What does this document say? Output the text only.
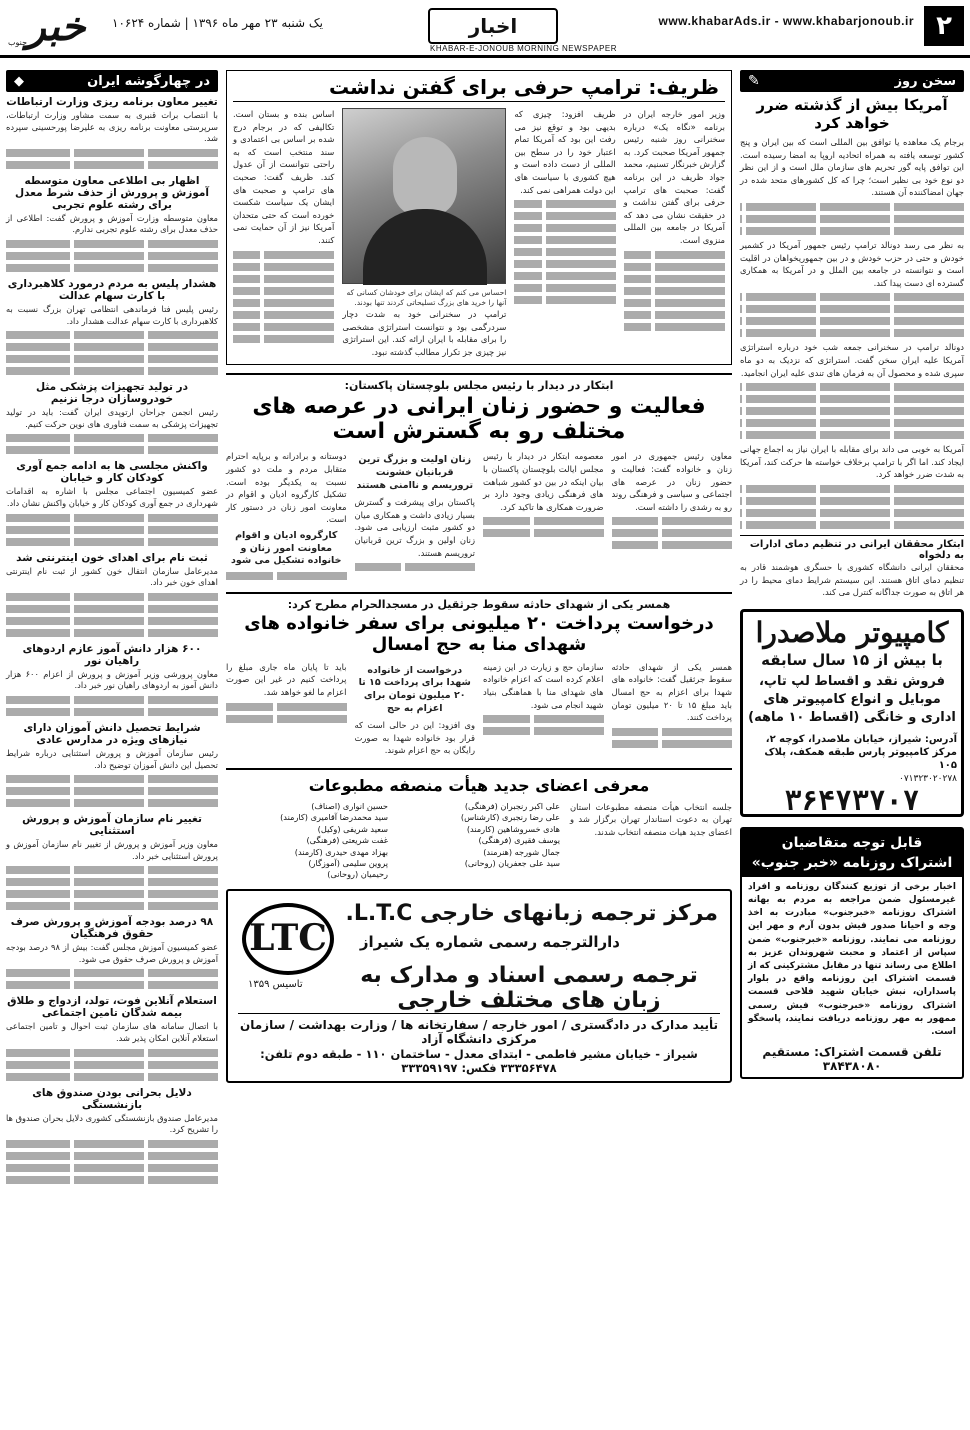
۲
www.khabarAds.ir - www.khabarjonoub.ir
اخبار
KHABAR-E-JONOUB MORNING NEWSPAPER
یک شنبه ۲۳ مهر ماه ۱۳۹۶ | شماره ۱۰۶۲۴
خبر
جنوب
سخن روز
✎
آمریکا بیش از گذشته ضرر خواهد کرد

برجام یک معاهده یا توافق بین المللی است که بین ایران و پنج کشور توسعه یافته به همراه اتحادیه اروپا به امضا رسیده است. این توافق پایه گور تحریم های سازمان ملل است و از این نظر دو نوع خود بی نظیر است؛ چرا که کل کشورهای متحد شده در جهان امضاکننده آن هستند.

به نظر می رسد دونالد ترامپ رئیس جمهور آمریکا در کشمیر خودش و حتی در حزب خودش و در بین جمهوریخواهان در اقلیت است و نتوانسته در جامعه بین الملل و در آمریکا به همکاری گسترده ای دست پیدا کند.

دونالد ترامپ در سخنرانی جمعه شب خود درباره استراتژی آمریکا علیه ایران سخن گفت. استراتژی که نزدیک به دو ماه سپری شده و محصول آن به فرمان های تندی علیه ایران انجامید.

آمریکا به خوبی می داند برای مقابله با ایران نیاز به اجماع جهانی ایجاد کند. اما اگر با ترامپ برخلاف خواسته ها حرکت کند، آمریکا به شدت ضرر خواهد کرد.

ابتکار محققان ایرانی در تنظیم دمای ادارات به دلخواه
محققان ایرانی دانشگاه کشوری با حسگری هوشمند قادر به تنظیم دمای اتاق هستند. این سیستم شرایط دمای محیط را در هر اتاق به صورت جداگانه کنترل می کند.
کامپیوتر ملاصدرا
با بیش از ۱۵ سال سابقه
فروش نقد و اقساط لپ تاپ، موبایل و انواع کامپیوتر های اداری و خانگی (اقساط ۱۰ ماهه)
آدرس: شیراز، خیابان ملاصدرا، کوچه ۲، مرکز کامپیوتر پارس طبقه همکف، پلاک ۱۰۵
۰۷۱۳۲۳۰۲۰۲۷۸
۳۶۴۷۳۷۰۷
قابل توجه متقاضیان
اشتراک روزنامه «خبر جنوب»
اخبار برخی از توزیع کنندگان روزنامه و افراد غیرمسئول ضمن مراجعه به مردم به بهانه اشتراک روزنامه «خبرجنوب» مبادرت به اخذ وجه و احیانا صدور فیش بدون آرم و مهر این روزنامه می نمایند. روزنامه «خبرجنوب» ضمن سپاس از اعتماد و محبت شهروندان عزیز به اطلاع می رساند تنها در مقابل مشترکینی که از قسمت اشتراک این روزنامه واقع در بلوار پاسداران، نبش خیابان شهید فلاحی قسمت اشتراک روزنامه «خبرجنوب» فیش رسمی ممهور به مهر روزنامه دریافت نمایند، پاسخگو است.
تلفن قسمت اشتراک: مستقیم ۳۸۴۳۸۰۸۰
ظریف: ترامپ حرفی برای گفتن نداشت

وزیر امور خارجه ایران در برنامه «نگاه یک» درباره سخنرانی روز شنبه رئیس جمهور آمریکا صحبت کرد. به گزارش خبرنگار تسنیم، محمد جواد ظریف در این برنامه گفت: صحبت های ترامپ حرفی برای گفتن نداشت و در حقیقت نشان می دهد که آمریکا در جامعه بین المللی منزوی است.

ظریف افزود: چیزی که بدیهی بود و توقع نیز می رفت این بود که آمریکا تمام اعتبار خود را در سطح بین المللی از دست داده است و هیچ کشوری با سیاست های این دولت همراهی نمی کند.

احساس می کنم که ایشان برای خودشان کسانی که آنها را خرید های بزرگ تسلیحاتی کردند تنها بودند.
ترامپ در سخنرانی خود به شدت دچار سردرگمی بود و نتوانست استراتژی مشخصی را برای مقابله با ایران ارائه کند. این استراتژی نیز چیزی جز تکرار مطالب گذشته نبود.

اساس بنده و بستان است. تکالیفی که در برجام درج شده بر اساس بی اعتمادی و سند منتخب است که به راحتی نتوانست از آن عدول کند. ظریف گفت: صحبت های ترامپ و صحبت های ایشان یک سیاست شکست خورده است که حتی متحدان آمریکا نیز از آن حمایت نمی کنند.

ابتکار در دیدار با رئیس مجلس بلوچستان پاکستان:
فعالیت و حضور زنان ایرانی در عرصه های مختلف رو به گسترش است

معاون رئیس جمهوری در امور زنان و خانواده گفت: فعالیت و حضور زنان در عرصه های اجتماعی و سیاسی و فرهنگی روند رو به رشدی را داشته است.

معصومه ابتکار در دیدار با رئیس مجلس ایالت بلوچستان پاکستان با بیان اینکه در بین دو کشور شباهت های فرهنگی زیادی وجود دارد بر ضرورت همکاری ها تاکید کرد.

زنان اولیت و بزرگ ترین قربانیان خشونت تروریسم و ناامنی هستند

پاکستان برای پیشرفت و گسترش بسیار زیادی داشت و همکاری میان دو کشور مثبت ارزیابی می شود. زنان اولین و بزرگ ترین قربانیان تروریسم هستند.

دوستانه و برادرانه و برپایه احترام متقابل مردم و ملت دو کشور نسبت به یکدیگر بوده است. تشکیل کارگروه ادیان و اقوام در معاونت امور زنان در دستور کار است.

کارگروه ادیان و اقوام معاونت امور زنان و خانواده تشکیل می شود
همسر یکی از شهدای حادثه سقوط جرثقیل در مسجدالحرام مطرح کرد:
درخواست پرداخت ۲۰ میلیونی برای سفر خانواده های شهدای منا به حج امسال

همسر یکی از شهدای حادثه سقوط جرثقیل گفت: خانواده های شهدا برای اعزام به حج امسال باید مبلغ ۱۵ تا ۲۰ میلیون تومان پرداخت کنند.

سازمان حج و زیارت در این زمینه اعلام کرده است که اعزام خانواده های شهدای منا با هماهنگی بنیاد شهید انجام می شود.

درخواست از خانواده شهدا برای پرداخت ۱۵ تا ۲۰ میلیون تومان برای اعزام به حج

وی افزود: این در حالی است که قرار بود خانواده شهدا به صورت رایگان به حج اعزام شوند.

باید تا پایان ماه جاری مبلغ را پرداخت کنیم در غیر این صورت اعزام ما لغو خواهد شد.

معرفی اعضای جدید هیأت منصفه مطبوعات
جلسه انتخاب هیأت منصفه مطبوعات استان تهران به دعوت استاندار تهران برگزار شد و اعضای جدید هیات منصفه انتخاب شدند.
علی اکبر رنجبران (فرهنگی)
علی رضا رنجبری (کارشناس)
هادی خسروشاهین (کارمند)
یوسف فقیری (فرهنگی)
جمال شورجه (هنرمند)
سید علی جعفریان (روحانی)
حسین انواری (اصناف)
سید محمدرضا آقامیری (کارمند)
سعید شریفی (وکیل)
غفت شریعتی (فرهنگی)
بهزاد مهدی حیدری (کارمند)
پروین سلیمی (آموزگار)
رحیمیان (روحانی)
LTC
تاسیس ۱۳۵۹
مرکز ترجمه زبانهای خارجی L.T.C.
دارالترجمه رسمی شماره یک شیراز
ترجمه رسمی اسناد و مدارک به زبان های مختلف خارجی
تأیید مدارک در دادگستری / امور خارجه / سفارتخانه ها / وزارت بهداشت / سازمان مرکزی دانشگاه آزاد
شیراز - خیابان مشیر فاطمی - ابتدای معدل - ساختمان ۱۱۰ - طبقه دوم تلفن: ۳۳۳۵۶۴۷۸ فکس: ۳۳۳۵۹۱۹۷
در چهارگوشه ایران
◆
تغییر معاون برنامه ریزی وزارت ارتباطات
با انتصاب برات قنبری به سمت مشاور وزارت ارتباطات، سرپرستی معاونت برنامه ریزی به علیرضا پورحسینی سپرده شد.
اظهار بی اطلاعی معاون متوسطه آموزش و پرورش از حذف شرط معدل برای رشته علوم تجربی
معاون متوسطه وزارت آموزش و پرورش گفت: اطلاعی از حذف معدل برای رشته علوم تجربی ندارم.
هشدار پلیس به مردم درمورد کلاهبرداری با کارت سهام عدالت
رئیس پلیس فتا فرماندهی انتظامی تهران بزرگ نسبت به کلاهبرداری با کارت سهام عدالت هشدار داد.
در تولید تجهیزات پزشکی مثل خودروسازان درجا نزنیم
رئیس انجمن جراحان ارتوپدی ایران گفت: باید در تولید تجهیزات پزشکی به سمت فناوری های نوین حرکت کنیم.
واکنش مجلسی ها به ادامه جمع آوری کودکان کار و خیابان
عضو کمیسیون اجتماعی مجلس با اشاره به اقدامات شهرداری در جمع آوری کودکان کار و خیابان واکنش نشان داد.
ثبت نام برای اهدای خون اینترنتی شد
مدیرعامل سازمان انتقال خون کشور از ثبت نام اینترنتی اهدای خون خبر داد.
۶۰۰ هزار دانش آموز عازم اردوهای راهیان نور
معاون پرورشی وزیر آموزش و پرورش از اعزام ۶۰۰ هزار دانش آموز به اردوهای راهیان نور خبر داد.
شرایط تحصیل دانش آموزان دارای نیازهای ویژه در مدارس عادی
رئیس سازمان آموزش و پرورش استثنایی درباره شرایط تحصیل این دانش آموزان توضیح داد.
تغییر نام سازمان آموزش و پرورش استثنایی
معاون وزیر آموزش و پرورش از تغییر نام سازمان آموزش و پرورش استثنایی خبر داد.
۹۸ درصد بودجه آموزش و پرورش صرف حقوق فرهنگیان
عضو کمیسیون آموزش مجلس گفت: بیش از ۹۸ درصد بودجه آموزش و پرورش صرف حقوق می شود.
استعلام آنلاین فوت، تولد، ازدواج و طلاق بیمه شدگان تامین اجتماعی
با اتصال سامانه های سازمان ثبت احوال و تامین اجتماعی استعلام آنلاین امکان پذیر شد.
دلایل بحرانی بودن صندوق های بازنشستگی
مدیرعامل صندوق بازنشستگی کشوری دلایل بحران صندوق ها را تشریح کرد.
